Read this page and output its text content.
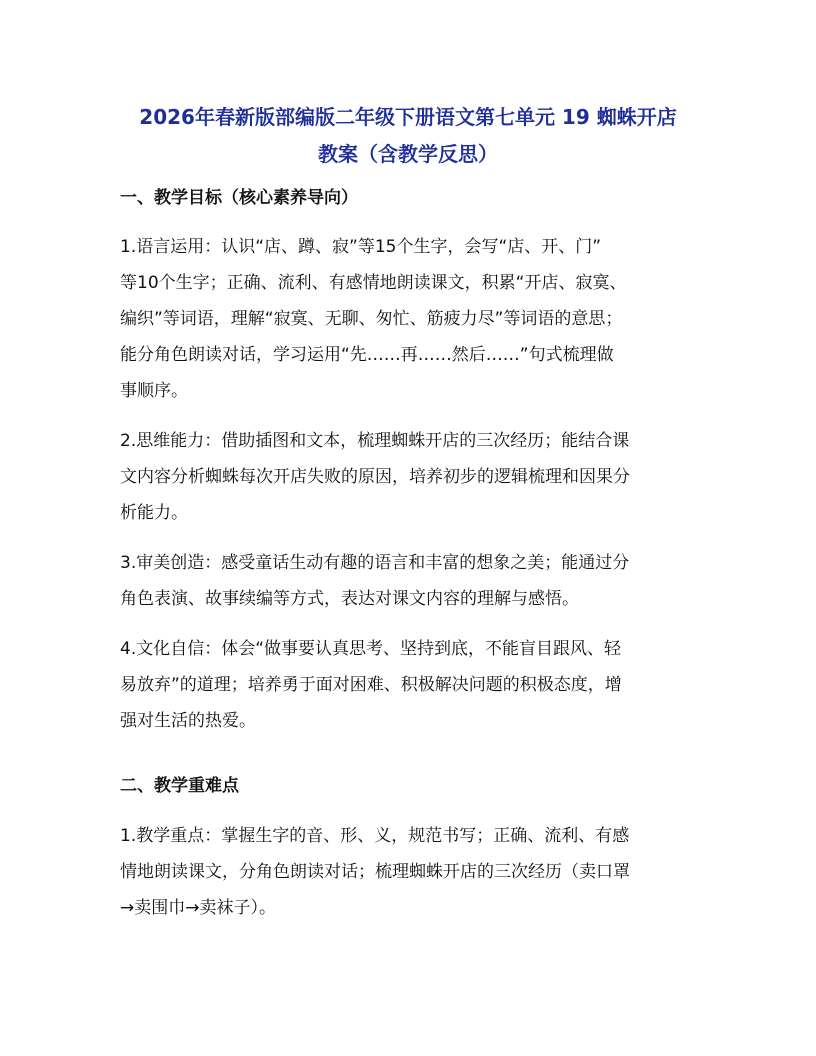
2026年春新版部编版二年级下册语文第七单元 19 蜘蛛开店
教案（含教学反思）
一、教学目标（核心素养导向）
1.语言运用：认识“店、蹲、寂”等15个生字，会写“店、开、门”
等10个生字；正确、流利、有感情地朗读课文，积累“开店、寂寞、
编织”等词语，理解“寂寞、无聊、匆忙、筋疲力尽”等词语的意思；
能分角色朗读对话，学习运用“先……再……然后……”句式梳理做
事顺序。
2.思维能力：借助插图和文本，梳理蜘蛛开店的三次经历；能结合课
文内容分析蜘蛛每次开店失败的原因，培养初步的逻辑梳理和因果分
析能力。
3.审美创造：感受童话生动有趣的语言和丰富的想象之美；能通过分
角色表演、故事续编等方式，表达对课文内容的理解与感悟。
4.文化自信：体会“做事要认真思考、坚持到底，不能盲目跟风、轻
易放弃”的道理；培养勇于面对困难、积极解决问题的积极态度，增
强对生活的热爱。
二、教学重难点
1.教学重点：掌握生字的音、形、义，规范书写；正确、流利、有感
情地朗读课文，分角色朗读对话；梳理蜘蛛开店的三次经历（卖口罩
→卖围巾→卖袜子）。
